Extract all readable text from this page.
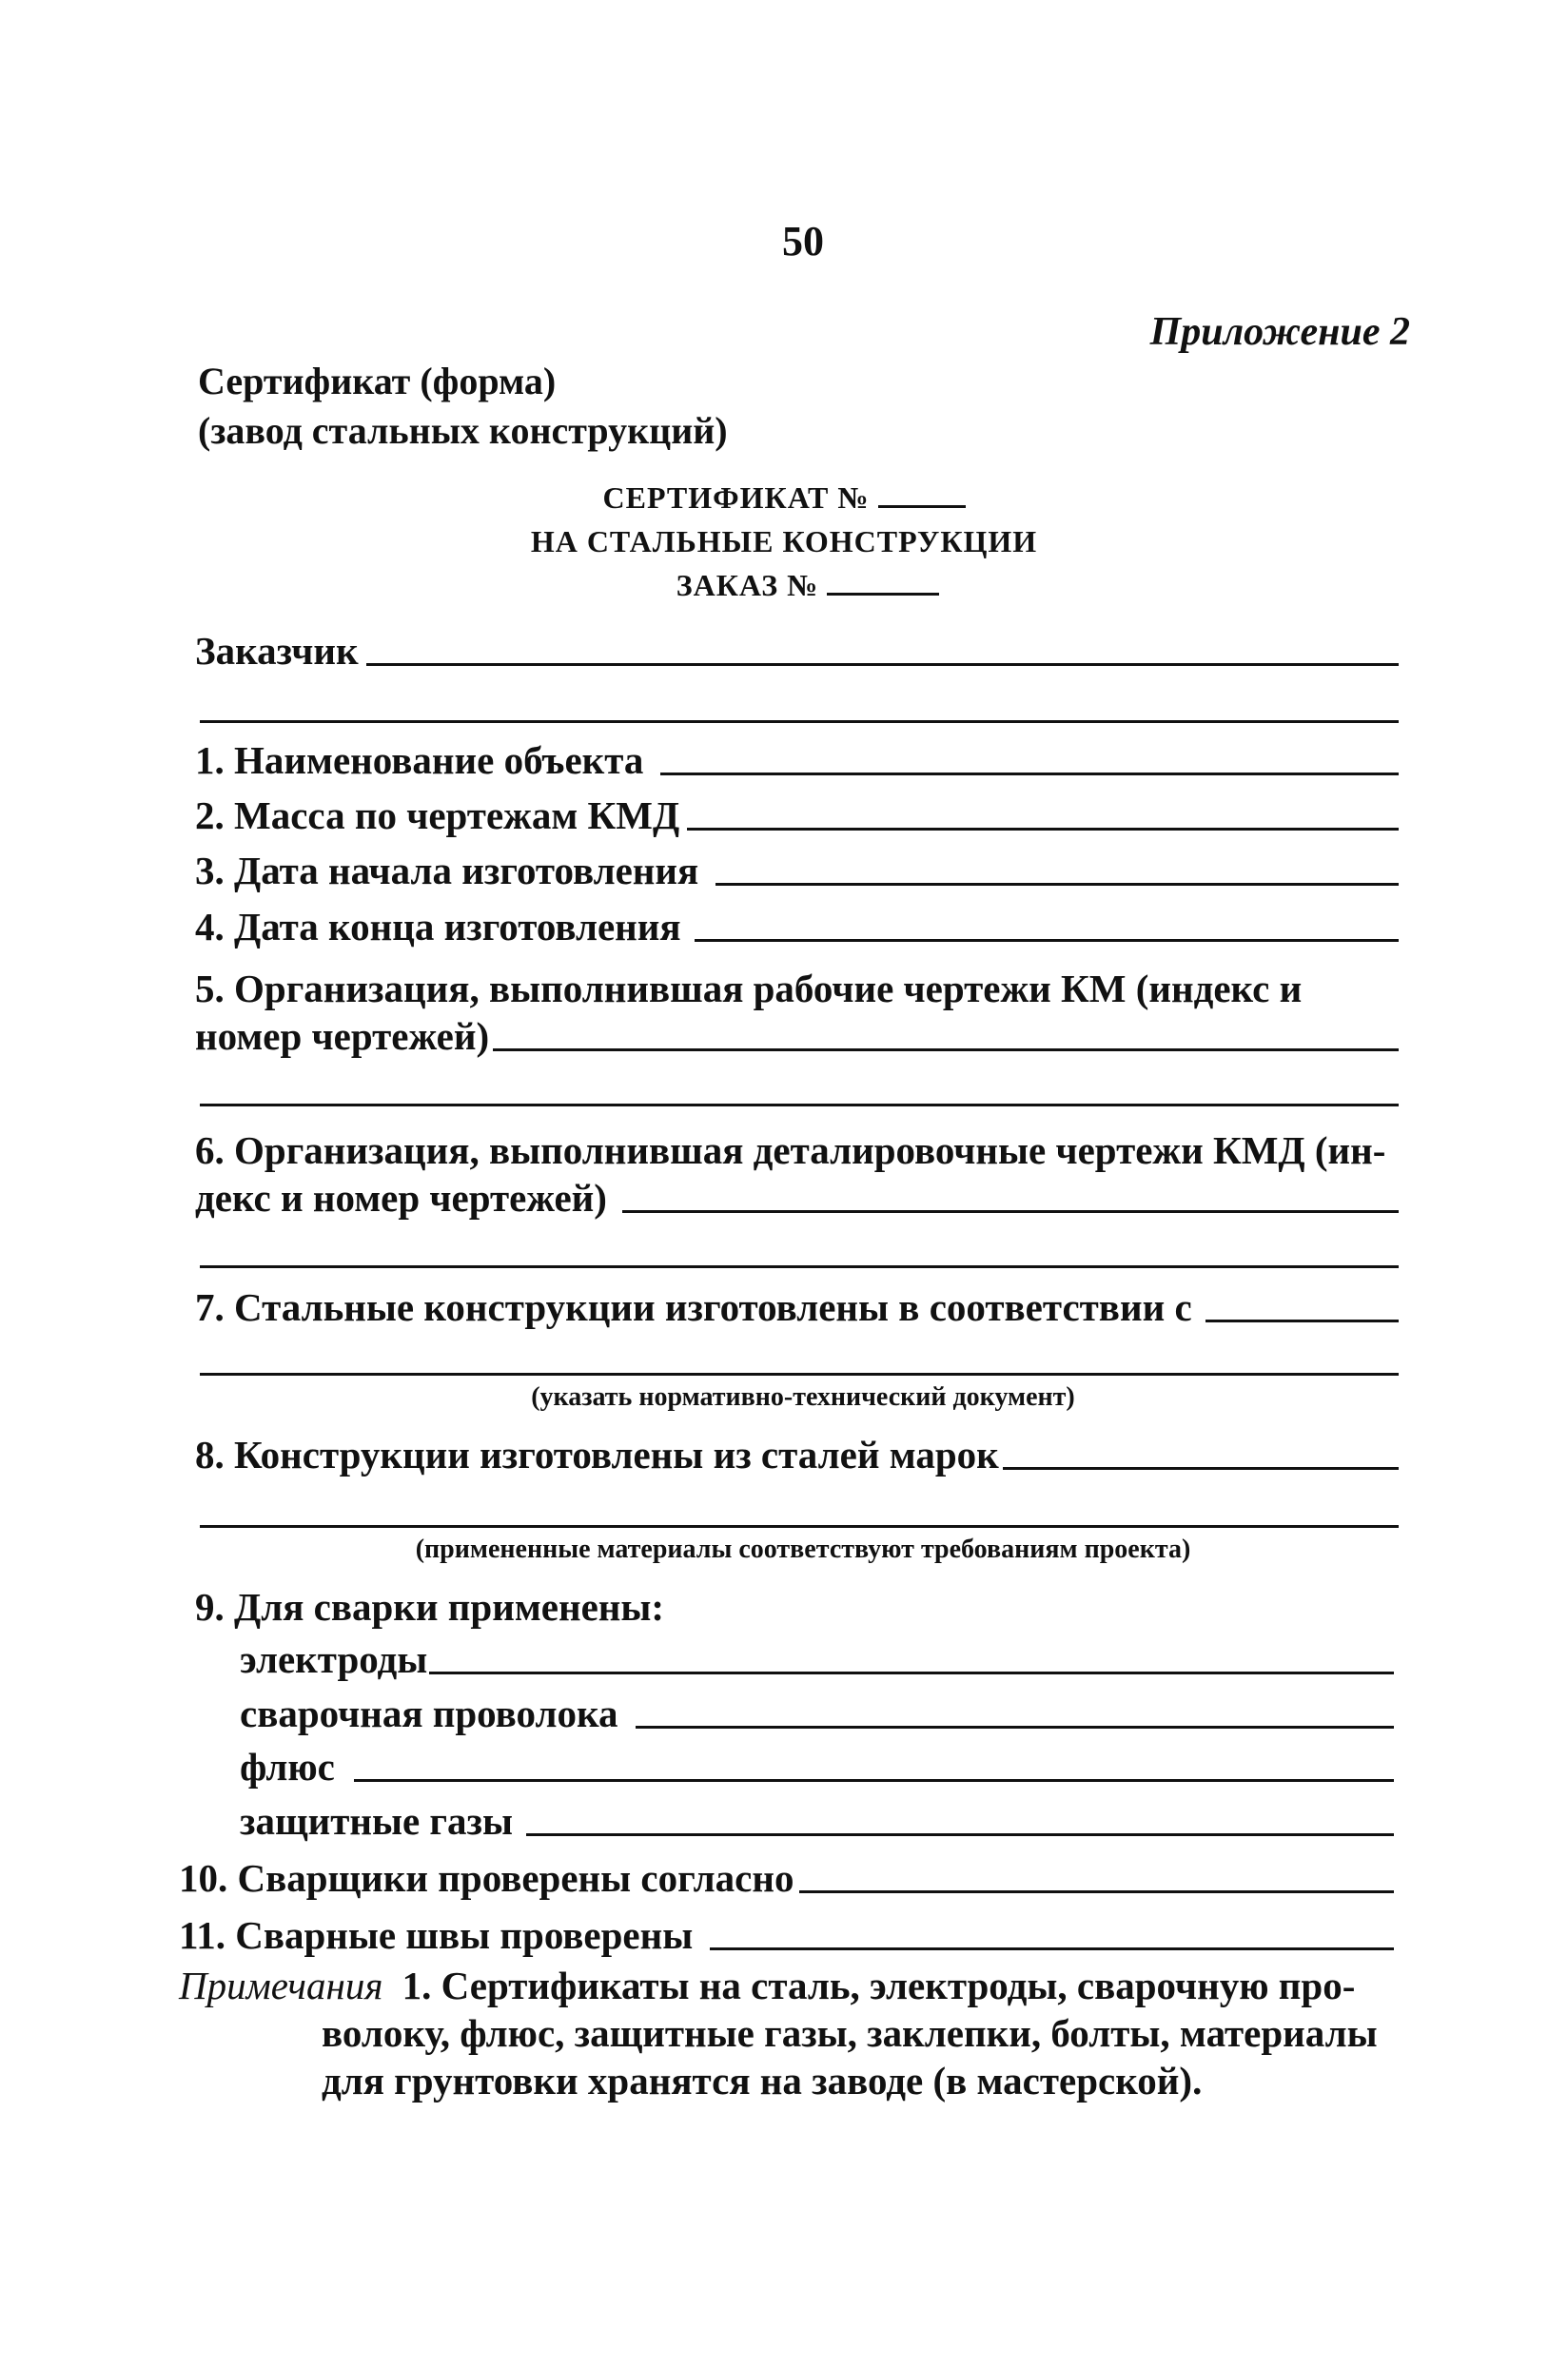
50
Приложение 2
Сертификат (форма)
(завод стальных конструкций)
СЕРТИФИКАТ №
НА СТАЛЬНЫЕ КОНСТРУКЦИИ
ЗАКАЗ №
Заказчик
1. Наименование объекта
2. Масса по чертежам КМД
3. Дата начала изготовления
4. Дата конца изготовления
5. Организация, выполнившая рабочие чертежи КМ (индекс и
номер чертежей)
6. Организация, выполнившая деталировочные чертежи КМД (ин-
декс и номер чертежей)
7. Стальные конструкции изготовлены в соответствии с
(указать нормативно-технический документ)
8. Конструкции изготовлены из сталей марок
(примененные материалы соответствуют требованиям проекта)
9. Для сварки применены:
электроды
сварочная проволока
флюс
защитные газы
10. Сварщики проверены согласно
11. Сварные швы проверены
Примечания 1. Сертификаты на сталь, электроды, сварочную про-
волоку, флюс, защитные газы, заклепки, болты, материалы
для грунтовки хранятся на заводе (в мастерской).
